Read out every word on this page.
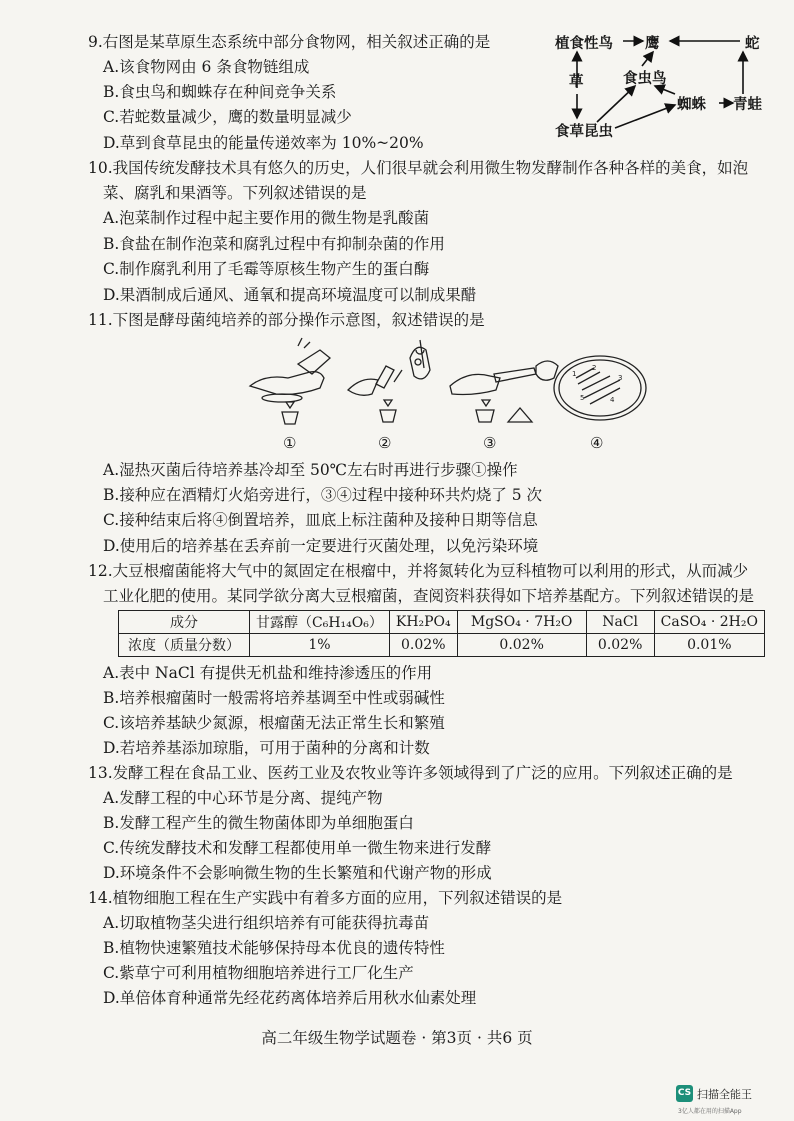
9.右图是某草原生态系统中部分食物网，相关叙述正确的是
A.该食物网由 6 条食物链组成
B.食虫鸟和蜘蛛存在种间竞争关系
C.若蛇数量减少，鹰的数量明显减少
D.草到食草昆虫的能量传递效率为 10%~20%
植食性鸟 鹰	蛇
草	食虫鸟
蜘蛛 青蛙
食草昆虫
10.我国传统发酵技术具有悠久的历史，人们很早就会利用微生物发酵制作各种各样的美食，如泡
菜、腐乳和果酒等。下列叙述错误的是
A.泡菜制作过程中起主要作用的微生物是乳酸菌
B.食盐在制作泡菜和腐乳过程中有抑制杂菌的作用
C.制作腐乳利用了毛霉等原核生物产生的蛋白酶
D.果酒制成后通风、通氧和提高环境温度可以制成果醋
11.下图是酵母菌纯培养的部分操作示意图，叙述错误的是
1
2
3
4
5
①	②	③	④
A.湿热灭菌后待培养基冷却至 50℃左右时再进行步骤①操作
B.接种应在酒精灯火焰旁进行，③④过程中接种环共灼烧了 5 次
C.接种结束后将④倒置培养，皿底上标注菌种及接种日期等信息
D.使用后的培养基在丢弃前一定要进行灭菌处理，以免污染环境
12.大豆根瘤菌能将大气中的氮固定在根瘤中，并将氮转化为豆科植物可以利用的形式，从而减少
工业化肥的使用。某同学欲分离大豆根瘤菌，查阅资料获得如下培养基配方。下列叙述错误的是
成分	甘露醇（C₆H₁₄O₆）	KH₂PO₄	MgSO₄ · 7H₂O	NaCl	CaSO₄ · 2H₂O
浓度（质量分数）	1%	0.02%	0.02%	0.02%	0.01%
A.表中 NaCl 有提供无机盐和维持渗透压的作用
B.培养根瘤菌时一般需将培养基调至中性或弱碱性
C.该培养基缺少氮源，根瘤菌无法正常生长和繁殖
D.若培养基添加琼脂，可用于菌种的分离和计数
13.发酵工程在食品工业、医药工业及农牧业等许多领域得到了广泛的应用。下列叙述正确的是
A.发酵工程的中心环节是分离、提纯产物
B.发酵工程产生的微生物菌体即为单细胞蛋白
C.传统发酵技术和发酵工程都使用单一微生物来进行发酵
D.环境条件不会影响微生物的生长繁殖和代谢产物的形成
14.植物细胞工程在生产实践中有着多方面的应用，下列叙述错误的是
A.切取植物茎尖进行组织培养有可能获得抗毒苗
B.植物快速繁殖技术能够保持母本优良的遗传特性
C.紫草宁可利用植物细胞培养进行工厂化生产
D.单倍体育种通常先经花药离体培养后用秋水仙素处理
高二年级生物学试题卷 · 第3页 · 共6 页
CS 扫描全能王
3亿人都在用的扫描App
